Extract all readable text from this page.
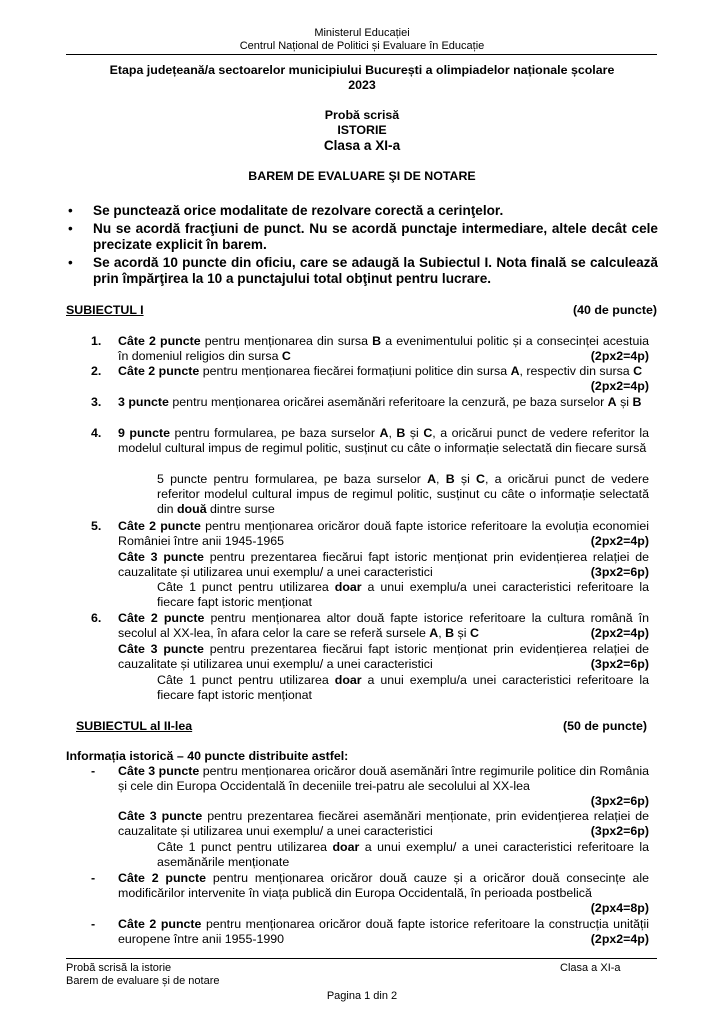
Ministerul Educației
Centrul Național de Politici și Evaluare în Educație
Etapa județeană/a sectoarelor municipiului București a olimpiadelor naționale școlare
2023
Probă scrisă
ISTORIE
Clasa a XI-a
BAREM DE EVALUARE ŞI DE NOTARE
• Se punctează orice modalitate de rezolvare corectă a cerinţelor.
• Nu se acordă fracţiuni de punct. Nu se acordă punctaje intermediare, altele decât cele precizate explicit în barem.
• Se acordă 10 puncte din oficiu, care se adaugă la Subiectul I. Nota finală se calculează prin împărţirea la 10 a punctajului total obţinut pentru lucrare.
SUBIECTUL I	(40 de puncte)
1. Câte 2 puncte pentru menționarea din sursa B a evenimentului politic și a consecinței acestuia în domeniul religios din sursa C	(2px2=4p)
2. Câte 2 puncte pentru menționarea fiecărei formațiuni politice din sursa A, respectiv din sursa C
(2px2=4p)
3. 3 puncte pentru menționarea oricărei asemănări referitoare la cenzură, pe baza surselor A și B
4. 9 puncte pentru formularea, pe baza surselor A, B și C, a oricărui punct de vedere referitor la modelul cultural impus de regimul politic, susținut cu câte o informație selectată din fiecare sursă
5 puncte pentru formularea, pe baza surselor A, B și C, a oricărui punct de vedere referitor modelul cultural impus de regimul politic, susținut cu câte o informație selectată din două dintre surse
5. Câte 2 puncte pentru menționarea oricăror două fapte istorice referitoare la evoluția economiei României între anii 1945-1965	(2px2=4p)
Câte 3 puncte pentru prezentarea fiecărui fapt istoric menționat prin evidențierea relației de cauzalitate și utilizarea unui exemplu/ a unei caracteristici	(3px2=6p)
Câte 1 punct pentru utilizarea doar a unui exemplu/a unei caracteristici referitoare la fiecare fapt istoric menționat
6. Câte 2 puncte pentru menționarea altor două fapte istorice referitoare la cultura română în secolul al XX-lea, în afara celor la care se referă sursele A, B și C	(2px2=4p)
Câte 3 puncte pentru prezentarea fiecărui fapt istoric menționat prin evidențierea relației de cauzalitate și utilizarea unui exemplu/ a unei caracteristici	(3px2=6p)
Câte 1 punct pentru utilizarea doar a unui exemplu/a unei caracteristici referitoare la fiecare fapt istoric menționat
SUBIECTUL al II-lea	(50 de puncte)
Informația istorică – 40 puncte distribuite astfel:
- Câte 3 puncte pentru menționarea oricăror două asemănări între regimurile politice din România și cele din Europa Occidentală în deceniile trei-patru ale secolului al XX-lea
(3px2=6p)
Câte 3 puncte pentru prezentarea fiecărei asemănări menționate, prin evidențierea relației de cauzalitate și utilizarea unui exemplu/ a unei caracteristici	(3px2=6p)
Câte 1 punct pentru utilizarea doar a unui exemplu/ a unei caracteristici referitoare la asemănările menționate
- Câte 2 puncte pentru menționarea oricăror două cauze și a oricăror două consecințe ale modificărilor intervenite în viața publică din Europa Occidentală, în perioada postbelică
(2px4=8p)
- Câte 2 puncte pentru menționarea oricăror două fapte istorice referitoare la construcția unității europene între anii 1955-1990	(2px2=4p)
Probă scrisă la istorie
Barem de evaluare și de notare
Clasa a XI-a
Pagina 1 din 2
